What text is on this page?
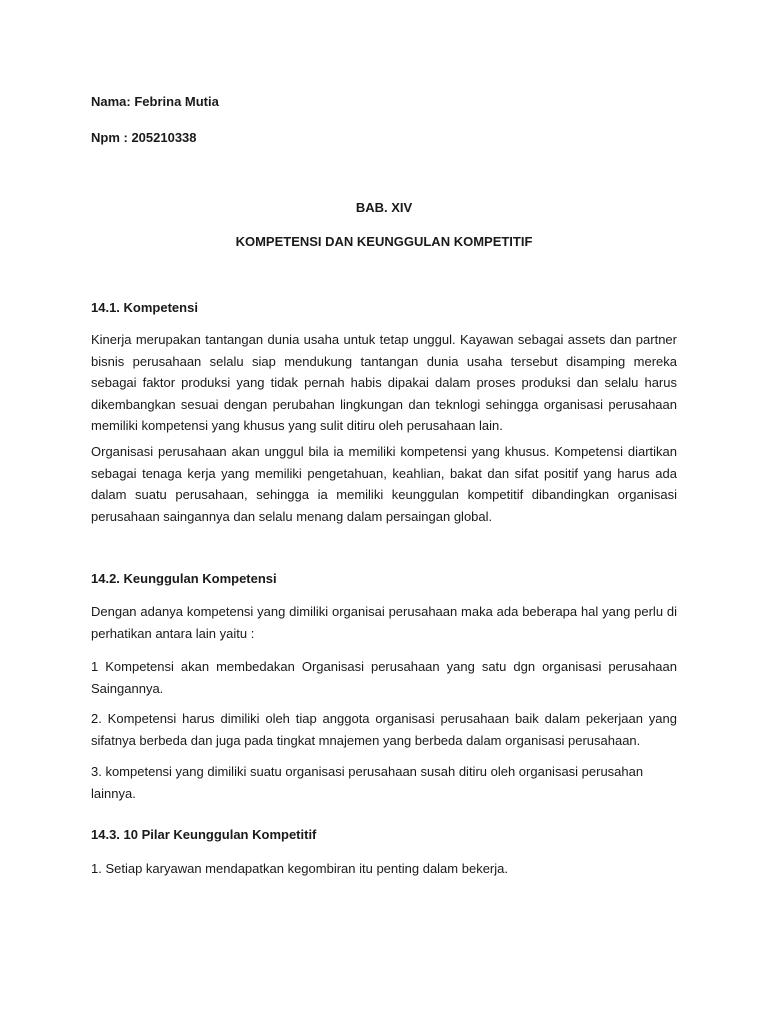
Nama: Febrina Mutia
Npm : 205210338
BAB. XIV
KOMPETENSI DAN KEUNGGULAN KOMPETITIF
14.1. Kompetensi

Kinerja merupakan tantangan dunia usaha untuk tetap unggul. Kayawan sebagai assets dan partner bisnis perusahaan selalu siap mendukung tantangan dunia usaha tersebut disamping mereka sebagai faktor produksi yang tidak pernah habis dipakai dalam proses produksi dan selalu harus dikembangkan sesuai dengan perubahan lingkungan dan teknlogi sehingga organisasi perusahaan memiliki kompetensi yang khusus yang sulit ditiru oleh perusahaan lain.

Organisasi perusahaan akan unggul bila ia memiliki kompetensi yang khusus. Kompetensi diartikan sebagai tenaga kerja yang memiliki pengetahuan, keahlian, bakat dan sifat positif yang harus ada dalam suatu perusahaan, sehingga ia memiliki keunggulan kompetitif dibandingkan organisasi perusahaan saingannya dan selalu menang dalam persaingan global.

14.2. Keunggulan Kompetensi

Dengan adanya kompetensi yang dimiliki organisai perusahaan maka ada beberapa hal yang perlu di perhatikan antara lain yaitu :

1 Kompetensi akan membedakan Organisasi perusahaan yang satu dgn organisasi perusahaan Saingannya.

2. Kompetensi harus dimiliki oleh tiap anggota organisasi perusahaan baik dalam pekerjaan yang sifatnya berbeda dan juga pada tingkat mnajemen yang berbeda dalam organisasi perusahaan.

3. kompetensi yang dimiliki suatu organisasi perusahaan susah ditiru oleh organisasi perusahan lainnya.

14.3. 10 Pilar Keunggulan Kompetitif

1. Setiap karyawan mendapatkan kegombiran itu penting dalam bekerja.
